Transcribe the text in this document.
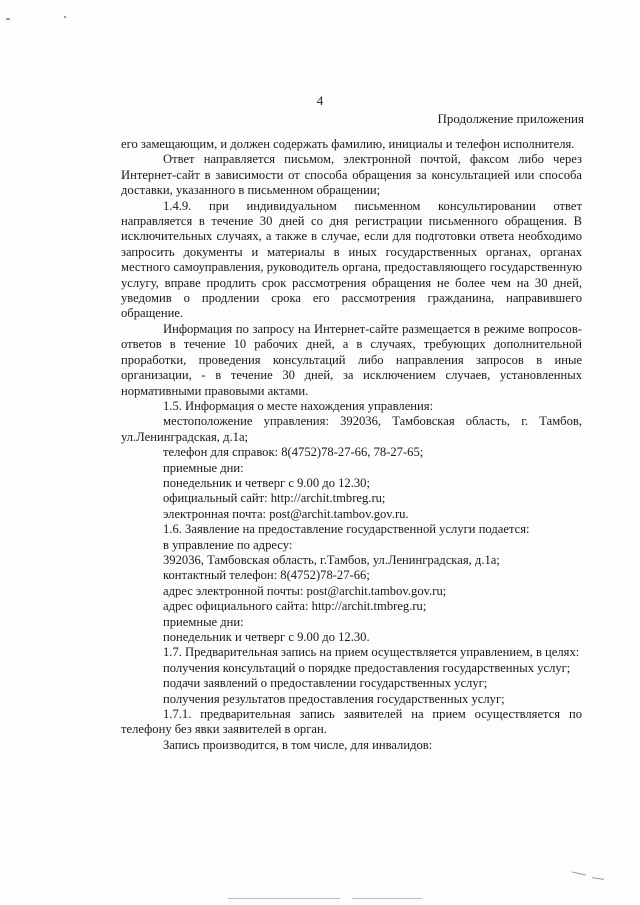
4
Продолжение приложения

его замещающим, и должен содержать фамилию, инициалы и телефон исполнителя.

Ответ направляется письмом, электронной почтой, факсом либо через Интернет-сайт в зависимости от способа обращения за консультацией или способа доставки, указанного в письменном обращении;

1.4.9. при индивидуальном письменном консультировании ответ направляется в течение 30 дней со дня регистрации письменного обращения. В исключительных случаях, а также в случае, если для подготовки ответа необходимо запросить документы и материалы в иных государственных органах, органах местного самоуправления, руководитель органа, предоставляющего государственную услугу, вправе продлить срок рассмотрения обращения не более чем на 30 дней, уведомив о продлении срока его рассмотрения гражданина, направившего обращение.

Информация по запросу на Интернет-сайте размещается в режиме вопросов-ответов в течение 10 рабочих дней, а в случаях, требующих дополнительной проработки, проведения консультаций либо направления запросов в иные организации, - в течение 30 дней, за исключением случаев, установленных нормативными правовыми актами.

1.5. Информация о месте нахождения управления:

местоположение управления: 392036, Тамбовская область, г. Тамбов, ул.Ленинградская, д.1а;

телефон для справок: 8(4752)78-27-66, 78-27-65;

приемные дни:

понедельник и четверг с 9.00 до 12.30;

официальный сайт: http://archit.tmbreg.ru;

электронная почта: post@archit.tambov.gov.ru.

1.6. Заявление на предоставление государственной услуги подается:

в управление по адресу:

392036, Тамбовская область, г.Тамбов, ул.Ленинградская, д.1а;

контактный телефон: 8(4752)78-27-66;

адрес электронной почты: post@archit.tambov.gov.ru;

адрес официального сайта: http://archit.tmbreg.ru;

приемные дни:

понедельник и четверг с 9.00 до 12.30.

1.7. Предварительная запись на прием осуществляется управлением, в целях:

получения консультаций о порядке предоставления государственных услуг;

подачи заявлений о предоставлении государственных услуг;

получения результатов предоставления государственных услуг;

1.7.1. предварительная запись заявителей на прием осуществляется по телефону без явки заявителей в орган.

Запись производится, в том числе, для инвалидов:
